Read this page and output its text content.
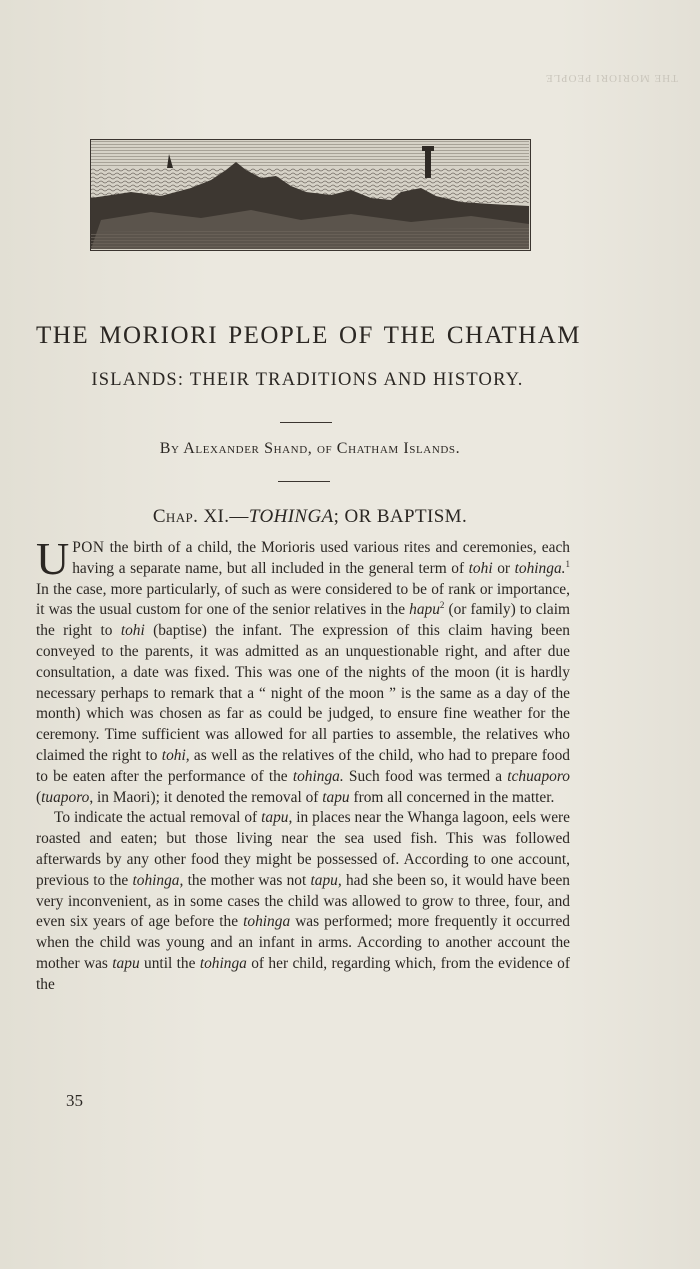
THE MORIORI PEOPLE
THE MORIORI PEOPLE OF THE CHATHAM
ISLANDS: THEIR TRADITIONS AND HISTORY.
By Alexander Shand, of Chatham Islands.
Chap. XI.—TOHINGA; OR BAPTISM.

UPON the birth of a child, the Morioris used various rites and ceremonies, each having a separate name, but all included in the general term of tohi or tohinga.$^1$ In the case, more particularly, of such as were considered to be of rank or importance, it was the usual custom for one of the senior relatives in the hapu$^2$ (or family) to claim the right to tohi (baptise) the infant. The expression of this claim having been conveyed to the parents, it was admitted as an unquestionable right, and after due consultation, a date was fixed. This was one of the nights of the moon (it is hardly necessary perhaps to remark that a “ night of the moon ” is the same as a day of the month) which was chosen as far as could be judged, to ensure fine weather for the ceremony. Time sufficient was allowed for all parties to assemble, the relatives who claimed the right to tohi, as well as the relatives of the child, who had to prepare food to be eaten after the performance of the tohinga. Such food was termed a tchuaporo (tuaporo, in Maori); it denoted the removal of tapu from all concerned in the matter.

To indicate the actual removal of tapu, in places near the Whanga lagoon, eels were roasted and eaten; but those living near the sea used fish. This was followed afterwards by any other food they might be possessed of. According to one account, previous to the tohinga, the mother was not tapu, had she been so, it would have been very inconvenient, as in some cases the child was allowed to grow to three, four, and even six years of age before the tohinga was performed; more frequently it occurred when the child was young and an infant in arms. According to another account the mother was tapu until the tohinga of her child, regarding which, from the evidence of the

35
